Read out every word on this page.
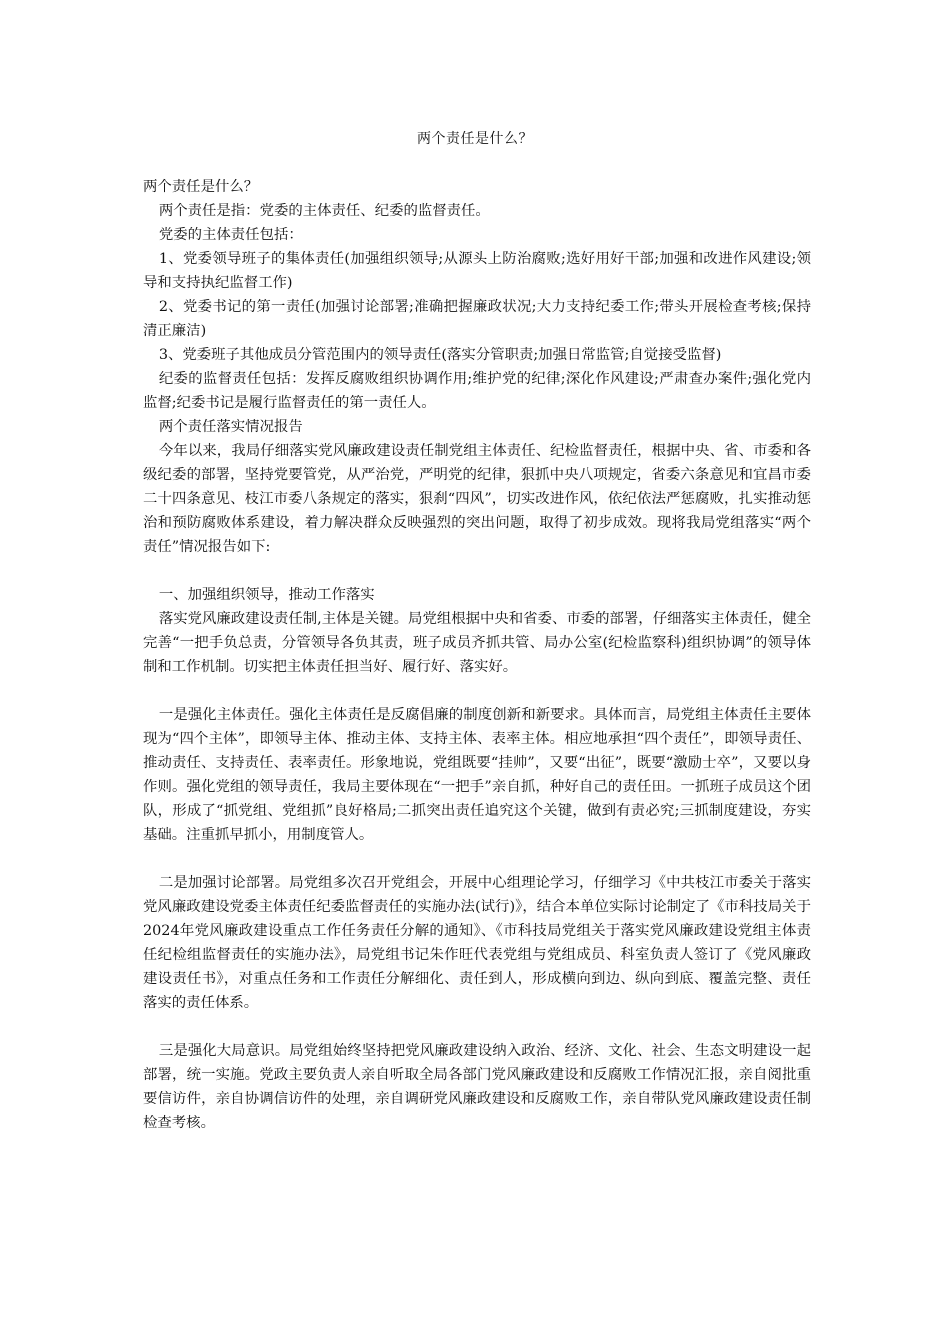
两个责任是什么？

两个责任是什么？

两个责任是指：党委的主体责任、纪委的监督责任。

党委的主体责任包括：

1、党委领导班子的集体责任(加强组织领导;从源头上防治腐败;选好用好干部;加强和改进作风建设;领导和支持执纪监督工作)

2、党委书记的第一责任(加强讨论部署;准确把握廉政状况;大力支持纪委工作;带头开展检查考核;保持清正廉洁)

3、党委班子其他成员分管范围内的领导责任(落实分管职责;加强日常监管;自觉接受监督)

纪委的监督责任包括：发挥反腐败组织协调作用;维护党的纪律;深化作风建设;严肃查办案件;强化党内监督;纪委书记是履行监督责任的第一责任人。

两个责任落实情况报告

今年以来，我局仔细落实党风廉政建设责任制党组主体责任、纪检监督责任，根据中央、省、市委和各级纪委的部署，坚持党要管党，从严治党，严明党的纪律，狠抓中央八项规定，省委六条意见和宜昌市委二十四条意见、枝江市委八条规定的落实，狠刹“四风”，切实改进作风，依纪依法严惩腐败，扎实推动惩治和预防腐败体系建设，着力解决群众反映强烈的突出问题，取得了初步成效。现将我局党组落实“两个责任”情况报告如下:

一、加强组织领导，推动工作落实

落实党风廉政建设责任制,主体是关键。局党组根据中央和省委、市委的部署，仔细落实主体责任，健全完善“一把手负总责，分管领导各负其责，班子成员齐抓共管、局办公室(纪检监察科)组织协调”的领导体制和工作机制。切实把主体责任担当好、履行好、落实好。

一是强化主体责任。强化主体责任是反腐倡廉的制度创新和新要求。具体而言，局党组主体责任主要体现为“四个主体”，即领导主体、推动主体、支持主体、表率主体。相应地承担“四个责任”，即领导责任、推动责任、支持责任、表率责任。形象地说，党组既要“挂帅”，又要“出征”，既要“激励士卒”，又要以身作则。强化党组的领导责任，我局主要体现在“一把手”亲自抓，种好自己的责任田。一抓班子成员这个团队，形成了“抓党组、党组抓”良好格局;二抓突出责任追究这个关键，做到有责必究;三抓制度建设，夯实基础。注重抓早抓小，用制度管人。

二是加强讨论部署。局党组多次召开党组会，开展中心组理论学习，仔细学习《中共枝江市委关于落实党风廉政建设党委主体责任纪委监督责任的实施办法(试行)》，结合本单位实际讨论制定了《市科技局关于2024年党风廉政建设重点工作任务责任分解的通知》、《市科技局党组关于落实党风廉政建设党组主体责任纪检组监督责任的实施办法》，局党组书记朱作旺代表党组与党组成员、科室负责人签订了《党风廉政建设责任书》，对重点任务和工作责任分解细化、责任到人，形成横向到边、纵向到底、覆盖完整、责任落实的责任体系。

三是强化大局意识。局党组始终坚持把党风廉政建设纳入政治、经济、文化、社会、生态文明建设一起部署，统一实施。党政主要负责人亲自听取全局各部门党风廉政建设和反腐败工作情况汇报，亲自阅批重要信访件，亲自协调信访件的处理，亲自调研党风廉政建设和反腐败工作，亲自带队党风廉政建设责任制检查考核。
